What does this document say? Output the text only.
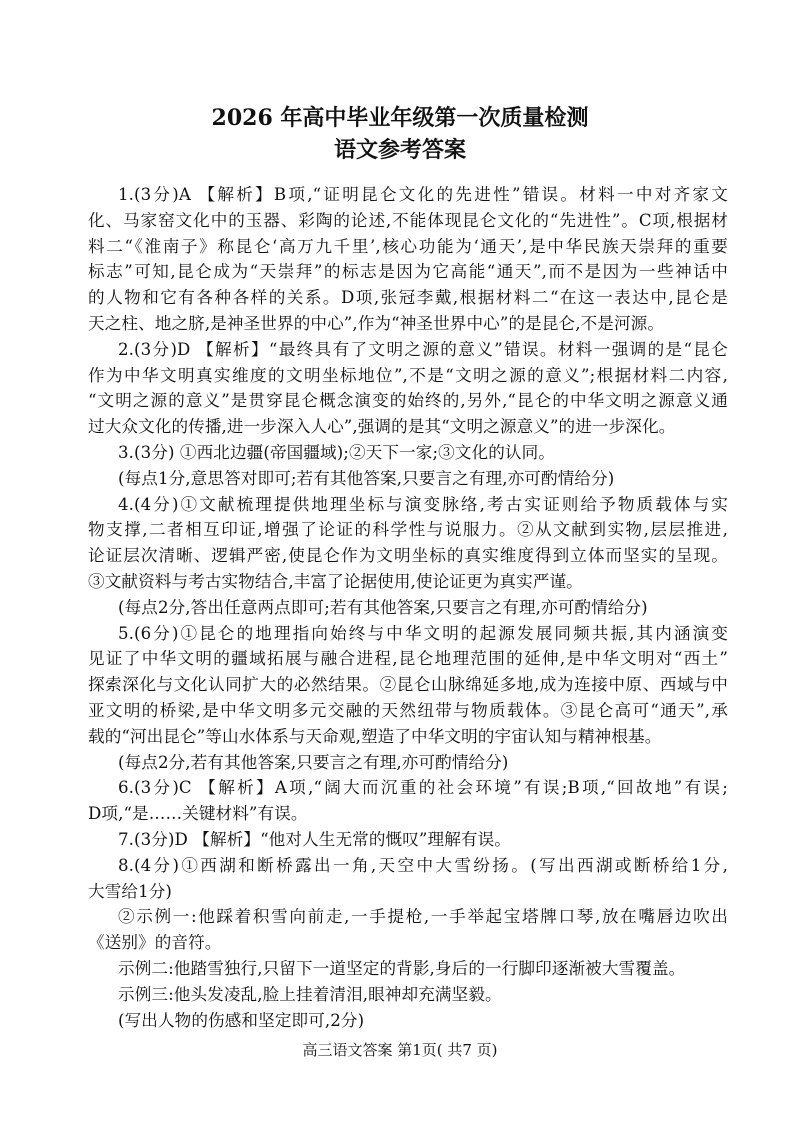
2026 年高中毕业年级第一次质量检测
语文参考答案
1.(3分)A 【解析】B项,“证明昆仑文化的先进性”错误。材料一中对齐家文
化、马家窑文化中的玉器、彩陶的论述,不能体现昆仑文化的“先进性”。C项,根据材
料二“《淮南子》称昆仑‘高万九千里’,核心功能为‘通天’,是中华民族天崇拜的重要
标志”可知,昆仑成为“天崇拜”的标志是因为它高能“通天”,而不是因为一些神话中
的人物和它有各种各样的关系。D项,张冠李戴,根据材料二“在这一表达中,昆仑是
天之柱、地之脐,是神圣世界的中心”,作为“神圣世界中心”的是昆仑,不是河源。
2.(3分)D 【解析】“最终具有了文明之源的意义”错误。材料一强调的是“昆仑
作为中华文明真实维度的文明坐标地位”,不是“文明之源的意义”;根据材料二内容,
“文明之源的意义”是贯穿昆仑概念演变的始终的,另外,“昆仑的中华文明之源意义通
过大众文化的传播,进一步深入人心”,强调的是其“文明之源意义”的进一步深化。
3.(3分) ①西北边疆(帝国疆域);②天下一家;③文化的认同。
(每点1分,意思答对即可;若有其他答案,只要言之有理,亦可酌情给分)
4.(4分)①文献梳理提供地理坐标与演变脉络,考古实证则给予物质载体与实
物支撑,二者相互印证,增强了论证的科学性与说服力。②从文献到实物,层层推进,
论证层次清晰、逻辑严密,使昆仑作为文明坐标的真实维度得到立体而坚实的呈现。
③文献资料与考古实物结合,丰富了论据使用,使论证更为真实严谨。
(每点2分,答出任意两点即可;若有其他答案,只要言之有理,亦可酌情给分)
5.(6分)①昆仑的地理指向始终与中华文明的起源发展同频共振,其内涵演变
见证了中华文明的疆域拓展与融合进程,昆仑地理范围的延伸,是中华文明对“西土”
探索深化与文化认同扩大的必然结果。②昆仑山脉绵延多地,成为连接中原、西域与中
亚文明的桥梁,是中华文明多元交融的天然纽带与物质载体。③昆仑高可“通天”,承
载的“河出昆仑”等山水体系与天命观,塑造了中华文明的宇宙认知与精神根基。
(每点2分,若有其他答案,只要言之有理,亦可酌情给分)
6.(3分)C 【解析】A项,“阔大而沉重的社会环境”有误;B项,“回故地”有误;
D项,“是……关键材料”有误。
7.(3分)D 【解析】“他对人生无常的慨叹”理解有误。
8.(4分)①西湖和断桥露出一角,天空中大雪纷扬。(写出西湖或断桥给1分,
大雪给1分)
②示例一:他踩着积雪向前走,一手提枪,一手举起宝塔牌口琴,放在嘴唇边吹出
《送别》的音符。
示例二:他踏雪独行,只留下一道坚定的背影,身后的一行脚印逐渐被大雪覆盖。
示例三:他头发凌乱,脸上挂着清泪,眼神却充满坚毅。
(写出人物的伤感和坚定即可,2分)
高三语文答案 第1页( 共7 页)
